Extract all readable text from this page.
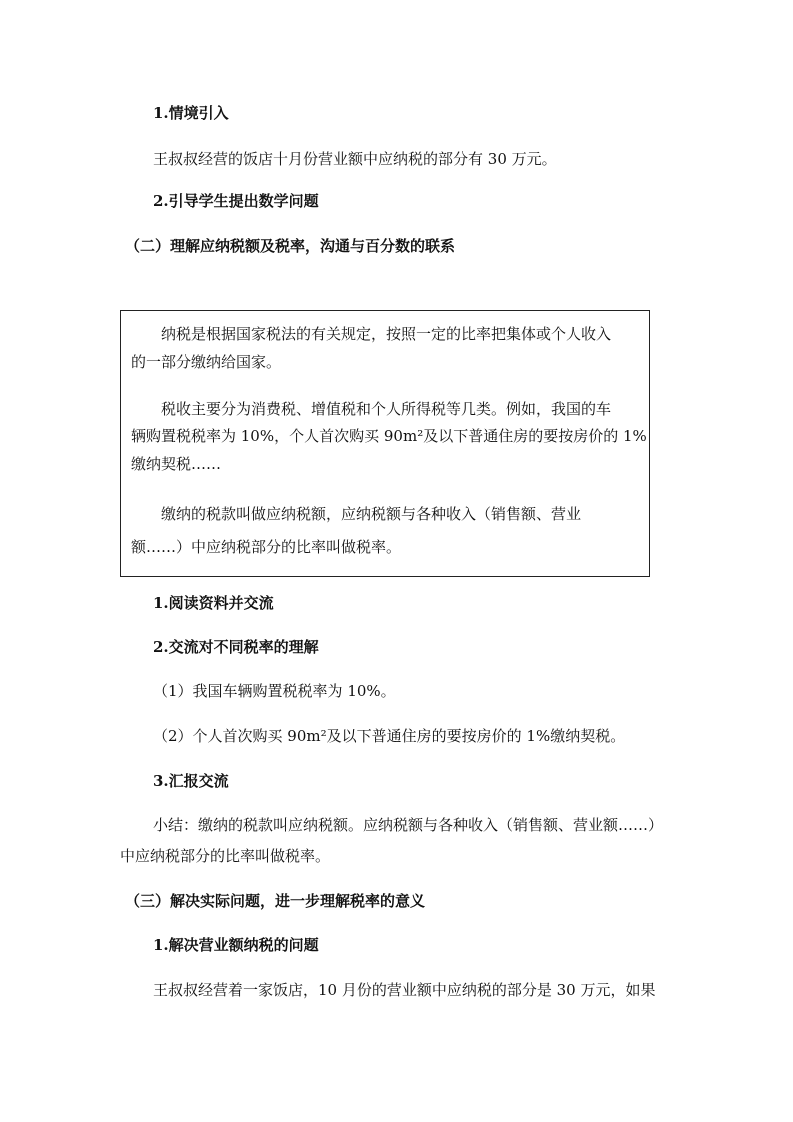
1.情境引入
王叔叔经营的饭店十月份营业额中应纳税的部分有 30 万元。
2.引导学生提出数学问题
（二）理解应纳税额及税率，沟通与百分数的联系
纳税是根据国家税法的有关规定，按照一定的比率把集体或个人收入
的一部分缴纳给国家。
税收主要分为消费税、增值税和个人所得税等几类。例如，我国的车
辆购置税税率为 10%，个人首次购买 90m²及以下普通住房的要按房价的 1%
缴纳契税……
缴纳的税款叫做应纳税额，应纳税额与各种收入（销售额、营业
额……）中应纳税部分的比率叫做税率。
1.阅读资料并交流
2.交流对不同税率的理解
（1）我国车辆购置税税率为 10%。
（2）个人首次购买 90m²及以下普通住房的要按房价的 1%缴纳契税。
3.汇报交流
小结：缴纳的税款叫应纳税额。应纳税额与各种收入（销售额、营业额……）
中应纳税部分的比率叫做税率。
（三）解决实际问题，进一步理解税率的意义
1.解决营业额纳税的问题
王叔叔经营着一家饭店，10 月份的营业额中应纳税的部分是 30 万元，如果
